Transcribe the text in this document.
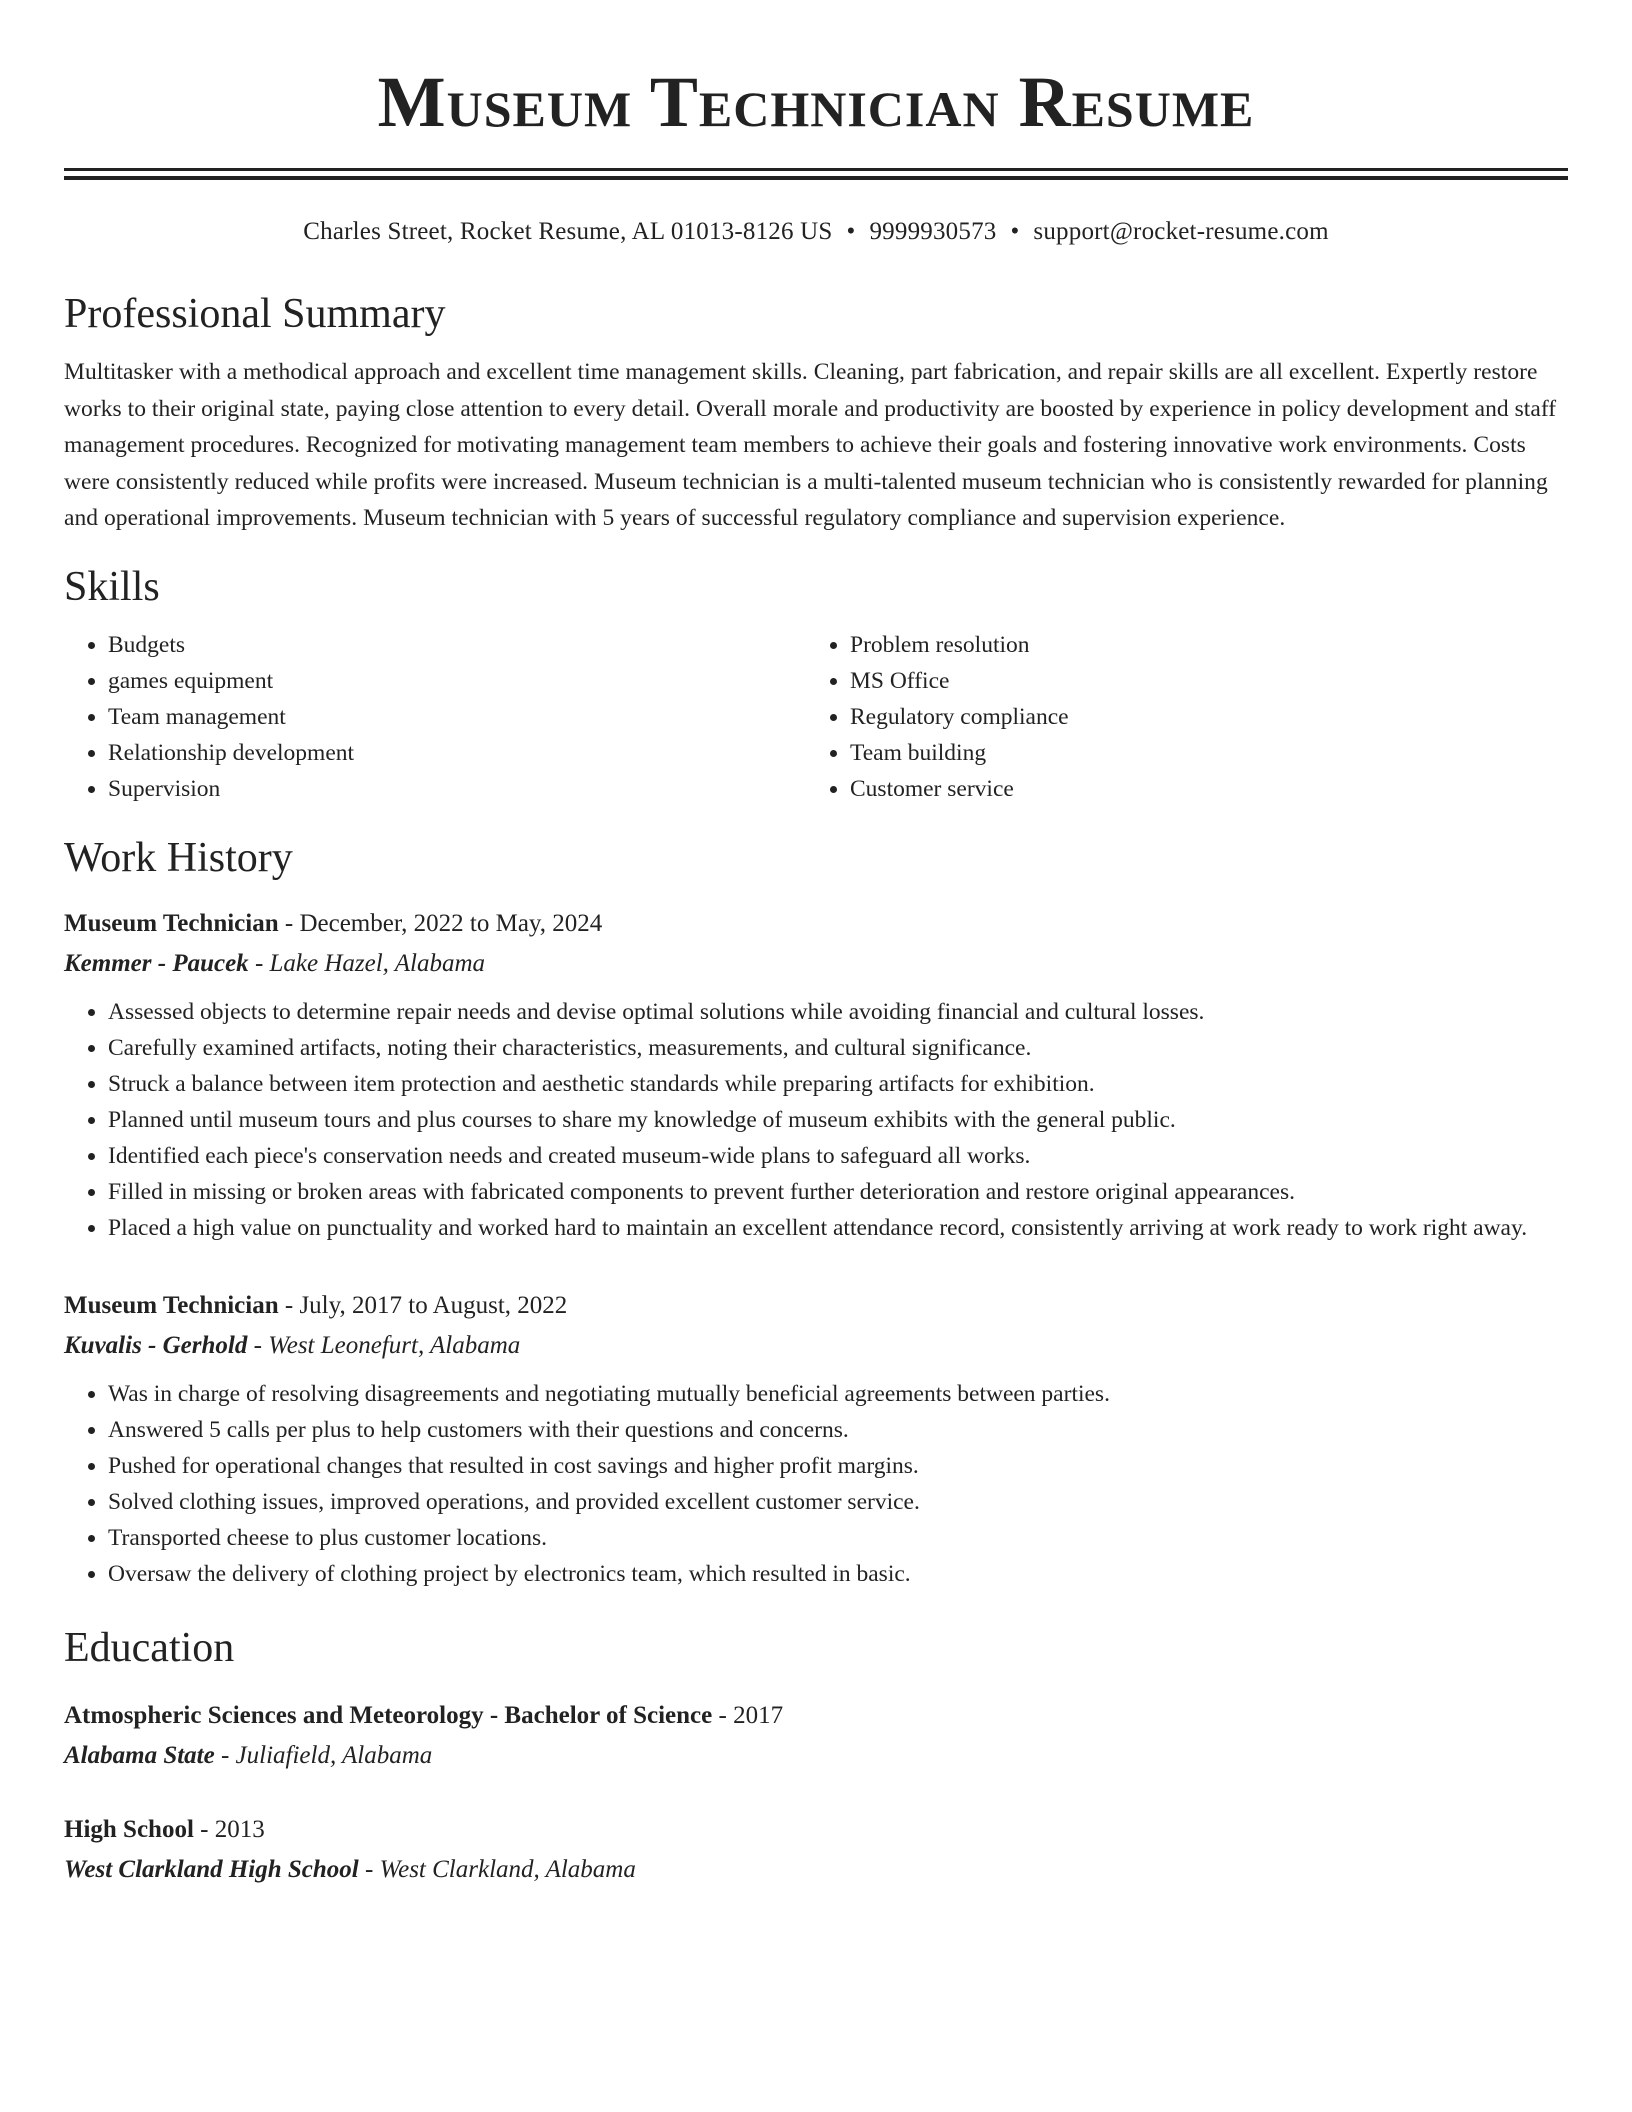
Museum Technician Resume
Charles Street, Rocket Resume, AL 01013-8126 US • 9999930573 • support@rocket-resume.com
Professional Summary
Multitasker with a methodical approach and excellent time management skills. Cleaning, part fabrication, and repair skills are all excellent. Expertly restore works to their original state, paying close attention to every detail. Overall morale and productivity are boosted by experience in policy development and staff management procedures. Recognized for motivating management team members to achieve their goals and fostering innovative work environments. Costs were consistently reduced while profits were increased. Museum technician is a multi-talented museum technician who is consistently rewarded for planning and operational improvements. Museum technician with 5 years of successful regulatory compliance and supervision experience.
Skills
• Budgets
• games equipment
• Team management
• Relationship development
• Supervision
• Problem resolution
• MS Office
• Regulatory compliance
• Team building
• Customer service
Work History
Museum Technician - December, 2022 to May, 2024
Kemmer - Paucek - Lake Hazel, Alabama
• Assessed objects to determine repair needs and devise optimal solutions while avoiding financial and cultural losses.
• Carefully examined artifacts, noting their characteristics, measurements, and cultural significance.
• Struck a balance between item protection and aesthetic standards while preparing artifacts for exhibition.
• Planned until museum tours and plus courses to share my knowledge of museum exhibits with the general public.
• Identified each piece's conservation needs and created museum-wide plans to safeguard all works.
• Filled in missing or broken areas with fabricated components to prevent further deterioration and restore original appearances.
• Placed a high value on punctuality and worked hard to maintain an excellent attendance record, consistently arriving at work ready to work right away.
Museum Technician - July, 2017 to August, 2022
Kuvalis - Gerhold - West Leonefurt, Alabama
• Was in charge of resolving disagreements and negotiating mutually beneficial agreements between parties.
• Answered 5 calls per plus to help customers with their questions and concerns.
• Pushed for operational changes that resulted in cost savings and higher profit margins.
• Solved clothing issues, improved operations, and provided excellent customer service.
• Transported cheese to plus customer locations.
• Oversaw the delivery of clothing project by electronics team, which resulted in basic.
Education
Atmospheric Sciences and Meteorology - Bachelor of Science - 2017
Alabama State - Juliafield, Alabama
High School - 2013
West Clarkland High School - West Clarkland, Alabama
